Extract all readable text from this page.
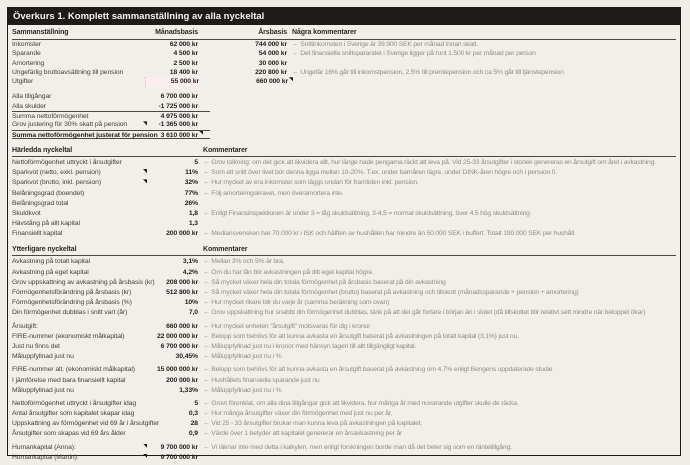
Överkurs 1. Komplett sammanställning av alla nyckeltal
Sammanställning	Månadsbasis	Årsbasis Några kommentarer
Inkomster	62 000 kr	744 000 kr ← Snittinkomsten i Sverige är 39.900 SEK per månad innan skatt.
Sparande	4 500 kr	54 000 kr ← Det finansiella snittsparandet i Sverige ligger på runt 1.500 kr per månad per person
Amortering	2 500 kr	30 000 kr
Ungefärlig bruttoavsättning till pension	18 400 kr	220 800 kr ← Ungefär 16% går till inkomstpension, 2.5% till premiepension och ca 5% går till tjänstepension
Utgifter	55 000 kr	660 000 kr
Alla tillgångar	6 700 000 kr
Alla skulder	-1 725 000 kr
Summa nettoförmögenhet	4 975 000 kr
Grov justering för 30% skatt på pension	-1 365 000 kr
Summa nettoförmögenhet justerat för pension 3 610 000 kr
Härledda nyckeltal	Kommentarer
Nettoförmögenhet uttryckt i årsutgifter	5 ← Grov tolkning: om det gick att likvidera allt, hur länge hade pengarna räckt att leva på. Vid 25-33 årsutgifter i storlek genereras en årsutgift om året i avkastning.
Sparkvot (netto, exkl. pension)	11% ← Som ett snitt över livet bör denna ligga mellan 10-20%. T.ex. under barnåren lägre, under DINK-åren högre och i pension 0.
Sparkvot (brutto, inkl. pension)	32% ← Hur mycket av era inkomster som läggs undan för framtiden inkl. pension.
Belåningsgrad (boendet)	77% ← Följ amorteringskravet, men överamortera inte.
Belåningsgrad total	26%
Skuldkvot	1,8 ← Enligt Finansinspektionen är under 3 = låg skuldsättning, 3-4,5 = normal skuldsättning, över 4.5 hög skuldsättning
Hävstång på allt kapital	1,3
Finansiellt kapital	200 000 kr ← Mediansvensken har 70.000 kr i ISK och hälften av hushållen har mindre än 50.000 SEK i buffert. Totalt 190.000 SEK per hushåll.
Ytterligare nyckeltal	Kommentarer
Avkastning på totalt kapital	3,1% ← Mellan 3% och 5% är bra.
Avkastning på eget kapital	4,2% ← Om du har lån blir avkastningen på ditt eget kapital högre.
Grov uppskattning av avkastning på årsbasis (kr)	208 000 kr ← Så mycket växer hela din totala förmögenhet på årsbasis baserat på din avkastning
Förmögenhetsförändring på årsbasis (kr)	512 800 kr ← Så mycket växer hela din totala förmögenhet (brutto) baserat på avkastning och tillskott (månadssparande + pension + amortering)
Förmögenhetsförändring på årsbasis (%)	10% ← Hur mycket rikare blir du varje år (samma beräkning som ovan)
Din förmögenhet dubblas i snitt vart (år)	7,0 ← Grov uppskattning hur snabbt din förmögenhet dubblas, tänk på att det går fortare i början än i slutet (då tillskottet blir relativt sett mindre när beloppet ökar)
Årsutgift:	660 000 kr ← Hur mycket enheten "årsutgift" motsvaras för dig i kronor
FIRE-nummer (ekonomiskt målkapital)	22 000 000 kr ← Belopp som behövs för att kunna avkasta en årsutgift baserat på avkastningen på totalt kapital (3,1%) just nu.
Just nu finns det	6 700 000 kr ← Måluppfyllnad just nu i kronor med hänsyn tagen till allt tillgängligt kapital.
Måluppfyllnad just nu	30,45% ← Måluppfyllnad just nu i %
FIRE-nummer alt. (ekonomiskt målkapital)	15 000 000 kr ← Belopp som behövs för att kunna avkasta en årsutgift baserat på avkastning om 4.7% enligt Bengens uppdaterade studie
I jämförelse med bara finansiellt kapital	200 000 kr ← Hushållets finansiella sparande just nu
Måluppfyllnad just nu	1,33% ← Måluppfyllnad just nu i %
Nettoförmögenhet uttryckt i årsutgifter idag	5 ← Grovt förenklat, om alla dina tillgångar gick att likvidera, hur många år med nuvarande utgifter skulle de räcka.
Antal årsutgifter som kapitalet skapar idag	0,3 ← Hur många årsutgifter växer din förmögenhet med just nu per år.
Uppskattning av förmögenhet vid 69 år i årsutgifter	28 ← Vid 25 - 33 årsutgifter brukar man kunna leva på avkastningen på kapitalet.
Årsutgifter som skapas vid 69 års ålder	0,9 ← Värde över 1 betyder att kapitalet genererar en årsavkastning per år
Humankapital (Anna):	9 700 000 kr ← Vi räknar inte med detta i kalkylen, men enligt forskningen borde man då det beter sig som en räntetillgång.
Humankapital (Martin):	9 700 000 kr
